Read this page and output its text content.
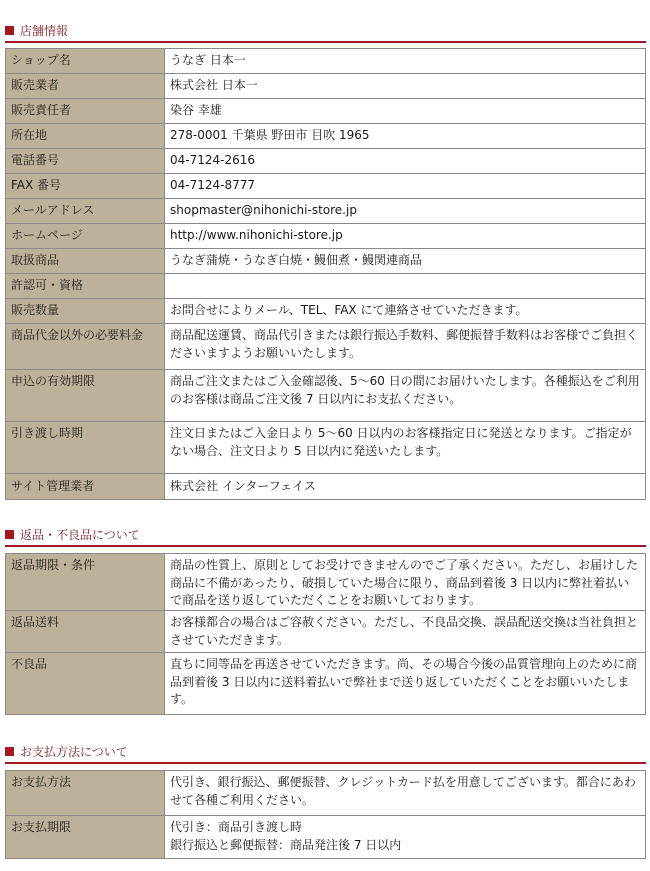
店舗情報
ショップ名	うなぎ 日本一
販売業者	株式会社 日本一
販売責任者	染谷 幸雄
所在地	278-0001 千葉県 野田市 目吹 1965
電話番号	04-7124-2616
FAX 番号	04-7124-8777
メールアドレス	shopmaster@nihonichi-store.jp
ホームページ	http://www.nihonichi-store.jp
取扱商品	うなぎ蒲焼・うなぎ白焼・鰻佃煮・鰻関連商品
許認可・資格	
販売数量	お問合せによりメール、TEL、FAX にて連絡させていただきます。
商品代金以外の必要料金	商品配送運賃、商品代引きまたは銀行振込手数料、郵便振替手数料はお客様でご負担くださいますようお願いいたします。
申込の有効期限	商品ご注文またはご入金確認後、5～60 日の間にお届けいたします。各種振込をご利用のお客様は商品ご注文後 7 日以内にお支払ください。
引き渡し時期	注文日またはご入金日より 5～60 日以内のお客様指定日に発送となります。ご指定がない場合、注文日より 5 日以内に発送いたします。
サイト管理業者	株式会社 インターフェイス
返品・不良品について
返品期限・条件	商品の性質上、原則としてお受けできませんのでご了承ください。ただし、お届けした商品に不備があったり、破損していた場合に限り、商品到着後 3 日以内に弊社着払いで商品を送り返していただくことをお願いしております。
返品送料	お客様都合の場合はご容赦ください。ただし、不良品交換、誤品配送交換は当社負担とさせていただきます。
不良品	直ちに同等品を再送させていただきます。尚、その場合今後の品質管理向上のために商品到着後 3 日以内に送料着払いで弊社まで送り返していただくことをお願いいたします。
お支払方法について
お支払方法	代引き、銀行振込、郵便振替、クレジットカード払を用意してございます。都合にあわせて各種ご利用ください。
お支払期限	代引き：商品引き渡し時
銀行振込と郵便振替：商品発注後 7 日以内
